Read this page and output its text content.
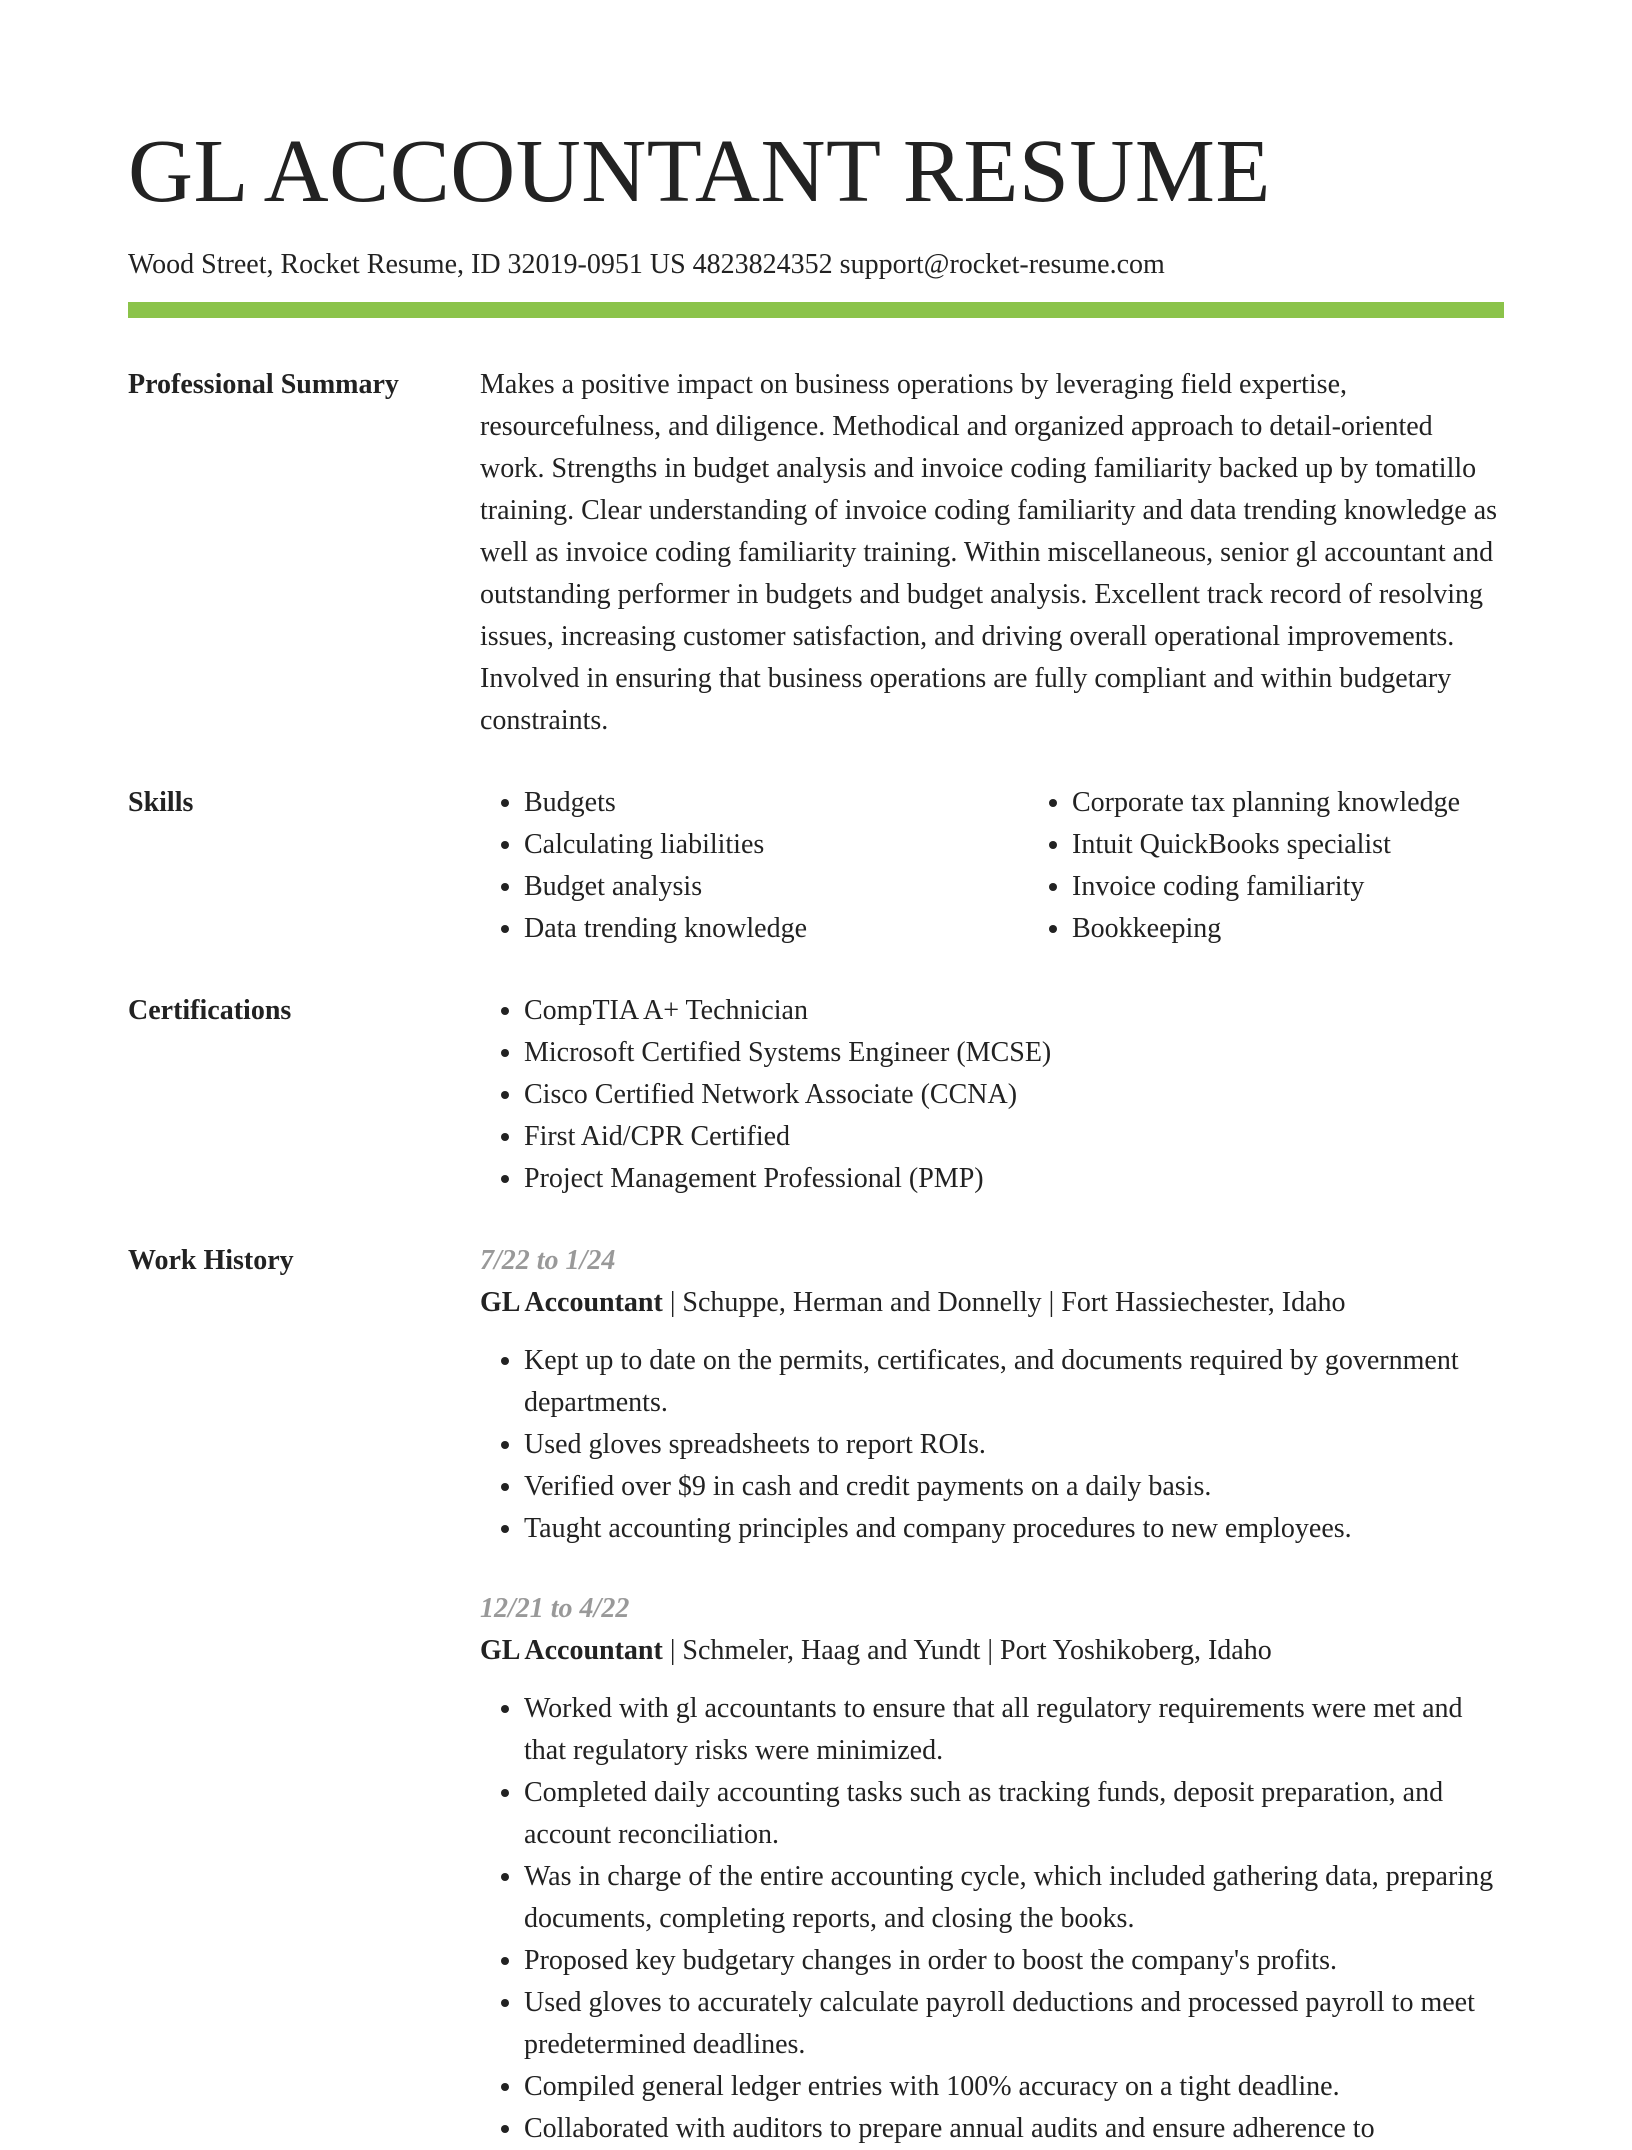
GL ACCOUNTANT RESUME
Wood Street, Rocket Resume, ID 32019-0951 US 4823824352 support@rocket-resume.com
Professional Summary	Makes a positive impact on business operations by leveraging field expertise, resourcefulness, and diligence. Methodical and organized approach to detail-oriented work. Strengths in budget analysis and invoice coding familiarity backed up by tomatillo training. Clear understanding of invoice coding familiarity and data trending knowledge as well as invoice coding familiarity training. Within miscellaneous, senior gl accountant and outstanding performer in budgets and budget analysis. Excellent track record of resolving issues, increasing customer satisfaction, and driving overall operational improvements. Involved in ensuring that business operations are fully compliant and within budgetary constraints.

Skills	• Budgets
• Calculating liabilities
• Budget analysis
• Data trending knowledge
• Corporate tax planning knowledge
• Intuit QuickBooks specialist
• Invoice coding familiarity
• Bookkeeping
Certifications	• CompTIA A+ Technician
• Microsoft Certified Systems Engineer (MCSE)
• Cisco Certified Network Associate (CCNA)
• First Aid/CPR Certified
• Project Management Professional (PMP)
Work History	7/22 to 1/24
GL Accountant | Schuppe, Herman and Donnelly | Fort Hassiechester, Idaho
• Kept up to date on the permits, certificates, and documents required by government departments.
• Used gloves spreadsheets to report ROIs.
• Verified over $9 in cash and credit payments on a daily basis.
• Taught accounting principles and company procedures to new employees.
12/21 to 4/22
GL Accountant | Schmeler, Haag and Yundt | Port Yoshikoberg, Idaho
• Worked with gl accountants to ensure that all regulatory requirements were met and that regulatory risks were minimized.
• Completed daily accounting tasks such as tracking funds, deposit preparation, and account reconciliation.
• Was in charge of the entire accounting cycle, which included gathering data, preparing documents, completing reports, and closing the books.
• Proposed key budgetary changes in order to boost the company's profits.
• Used gloves to accurately calculate payroll deductions and processed payroll to meet predetermined deadlines.
• Compiled general ledger entries with 100% accuracy on a tight deadline.
• Collaborated with auditors to prepare annual audits and ensure adherence to
